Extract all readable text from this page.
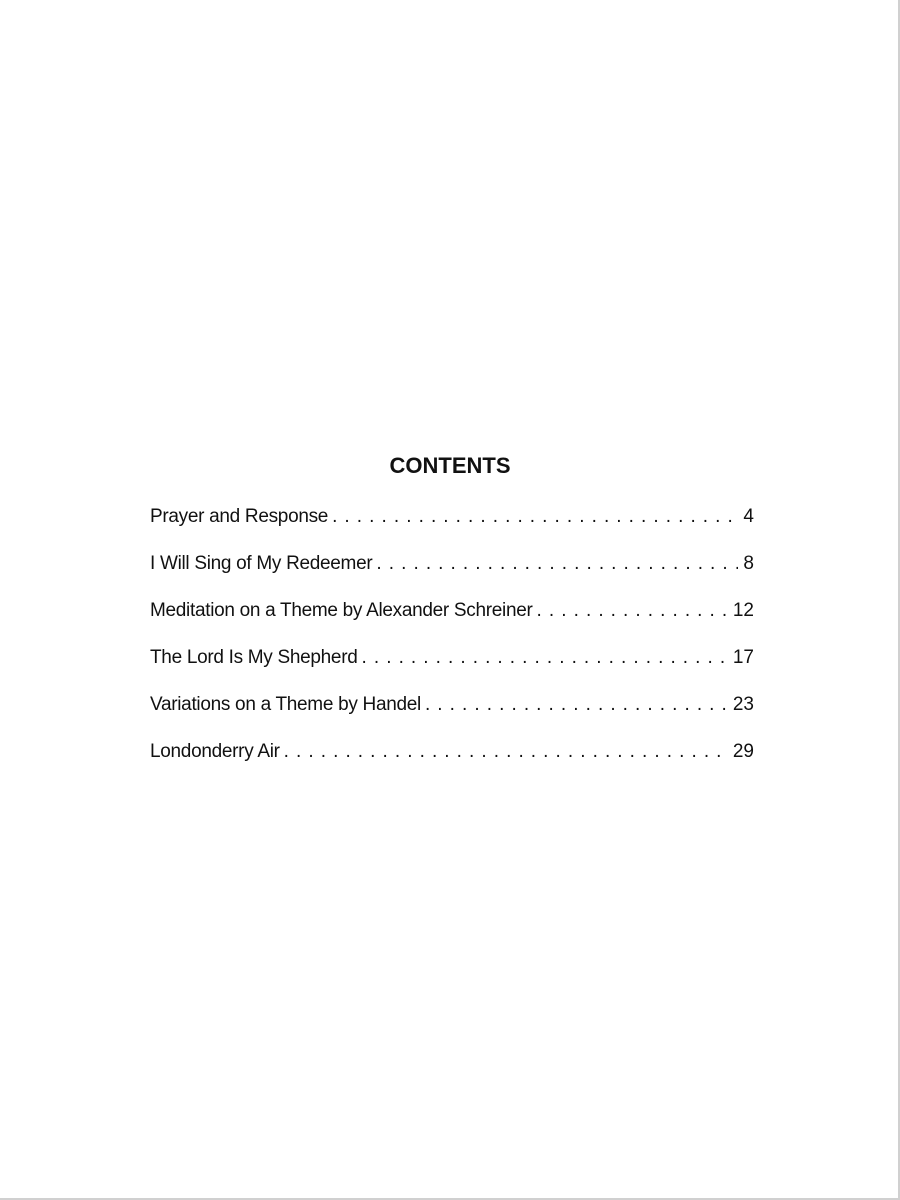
CONTENTS
Prayer and Response . . .	4
I Will Sing of My Redeemer . . .	8
Meditation on a Theme by Alexander Schreiner . . .	12
The Lord Is My Shepherd . . .	17
Variations on a Theme by Handel . . .	23
Londonderry Air . . .	29
